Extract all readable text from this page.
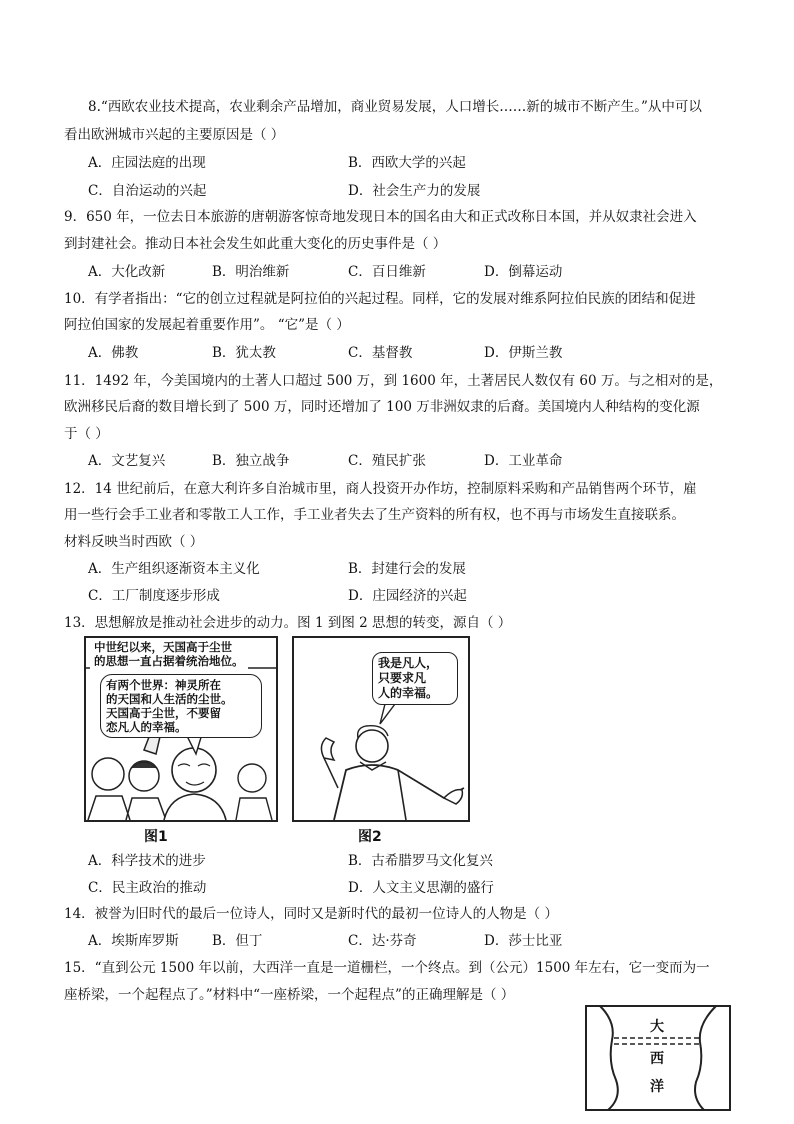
8.“西欧农业技术提高，农业剩余产品增加，商业贸易发展，人口增长……新的城市不断产生。”从中可以
看出欧洲城市兴起的主要原因是（ ）
A．庄园法庭的出现	B．西欧大学的兴起
C．自治运动的兴起	D．社会生产力的发展
9．650 年，一位去日本旅游的唐朝游客惊奇地发现日本的国名由大和正式改称日本国，并从奴隶社会进入
到封建社会。推动日本社会发生如此重大变化的历史事件是（ ）
A．大化改新	B．明治维新	C．百日维新	D．倒幕运动
10．有学者指出：“它的创立过程就是阿拉伯的兴起过程。同样，它的发展对维系阿拉伯民族的团结和促进
阿拉伯国家的发展起着重要作用”。 “它”是（ ）
A．佛教	B．犹太教	C．基督教	D．伊斯兰教
11．1492 年，今美国境内的土著人口超过 500 万，到 1600 年，土著居民人数仅有 60 万。与之相对的是，
欧洲移民后裔的数目增长到了 500 万，同时还增加了 100 万非洲奴隶的后裔。美国境内人种结构的变化源
于（ ）
A．文艺复兴	B．独立战争	C．殖民扩张	D．工业革命
12．14 世纪前后，在意大利许多自治城市里，商人投资开办作坊，控制原料采购和产品销售两个环节，雇
用一些行会手工业者和零散工人工作，手工业者失去了生产资料的所有权，也不再与市场发生直接联系。
材料反映当时西欧（ ）
A．生产组织逐渐资本主义化	B．封建行会的发展
C．工厂制度逐步形成	D．庄园经济的兴起
13．思想解放是推动社会进步的动力。图 1 到图 2 思想的转变，源自（ ）
中世纪以来，天国高于尘世
的思想一直占据着统治地位。
有两个世界：神灵所在
的天国和人生活的尘世。
天国高于尘世，不要留
恋凡人的幸福。
图1
我是凡人，
只要求凡
人的幸福。
图2
A．科学技术的进步	B．古希腊罗马文化复兴
C．民主政治的推动	D．人文主义思潮的盛行
14．被誉为旧时代的最后一位诗人，同时又是新时代的最初一位诗人的人物是（ ）
A．埃斯库罗斯 B．但丁	C．达·芬奇	D．莎士比亚
15．“直到公元 1500 年以前，大西洋一直是一道栅栏，一个终点。到（公元）1500 年左右，它一变而为一
座桥梁，一个起程点了。”材料中“一座桥梁，一个起程点”的正确理解是（ ）
大
西
洋
